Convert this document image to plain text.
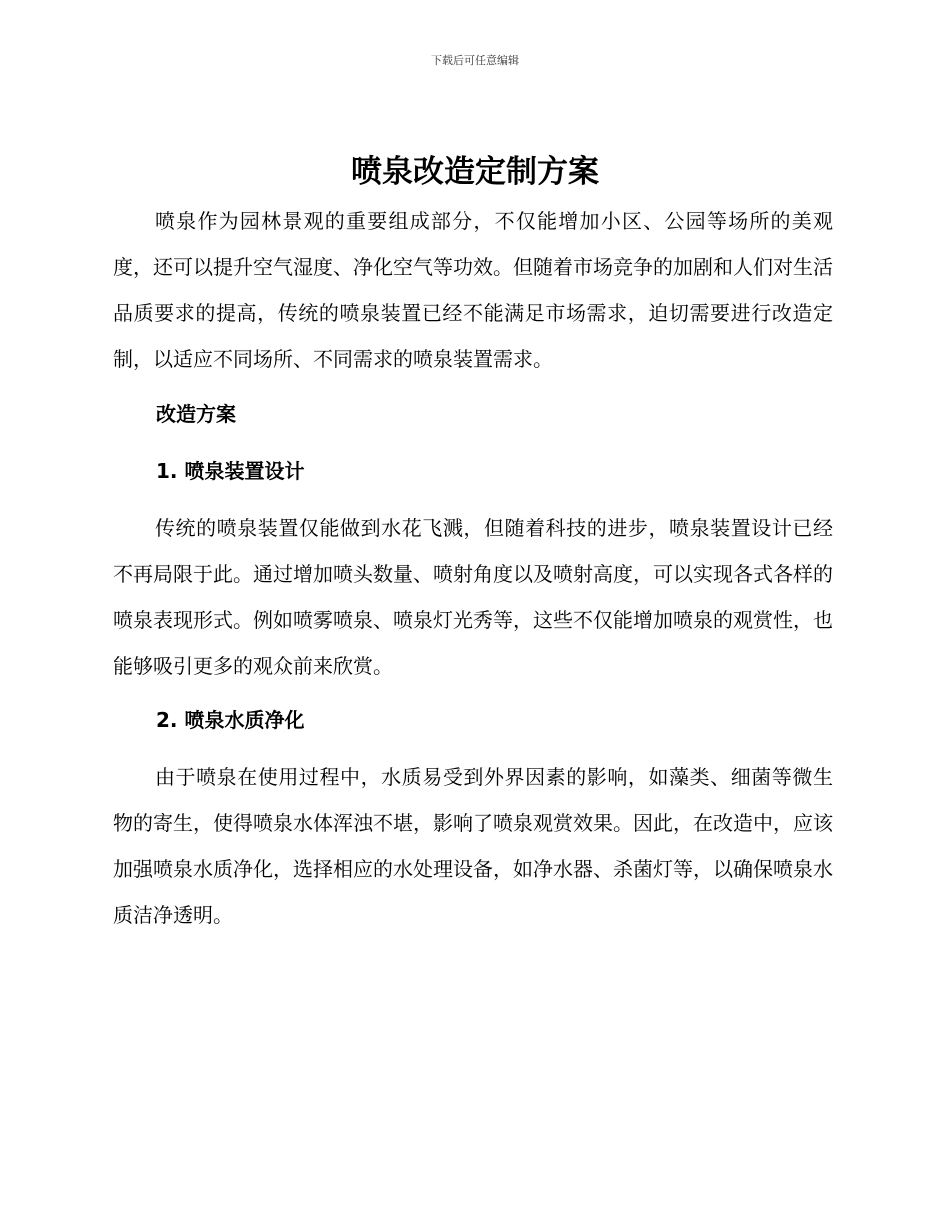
下载后可任意编辑
喷泉改造定制方案

喷泉作为园林景观的重要组成部分，不仅能增加小区、公园等场所的美观度，还可以提升空气湿度、净化空气等功效。但随着市场竞争的加剧和人们对生活品质要求的提高，传统的喷泉装置已经不能满足市场需求，迫切需要进行改造定制，以适应不同场所、不同需求的喷泉装置需求。

改造方案
1. 喷泉装置设计

传统的喷泉装置仅能做到水花飞溅，但随着科技的进步，喷泉装置设计已经不再局限于此。通过增加喷头数量、喷射角度以及喷射高度，可以实现各式各样的喷泉表现形式。例如喷雾喷泉、喷泉灯光秀等，这些不仅能增加喷泉的观赏性，也能够吸引更多的观众前来欣赏。

2. 喷泉水质净化

由于喷泉在使用过程中，水质易受到外界因素的影响，如藻类、细菌等微生物的寄生，使得喷泉水体浑浊不堪，影响了喷泉观赏效果。因此，在改造中，应该加强喷泉水质净化，选择相应的水处理设备，如净水器、杀菌灯等，以确保喷泉水质洁净透明。
